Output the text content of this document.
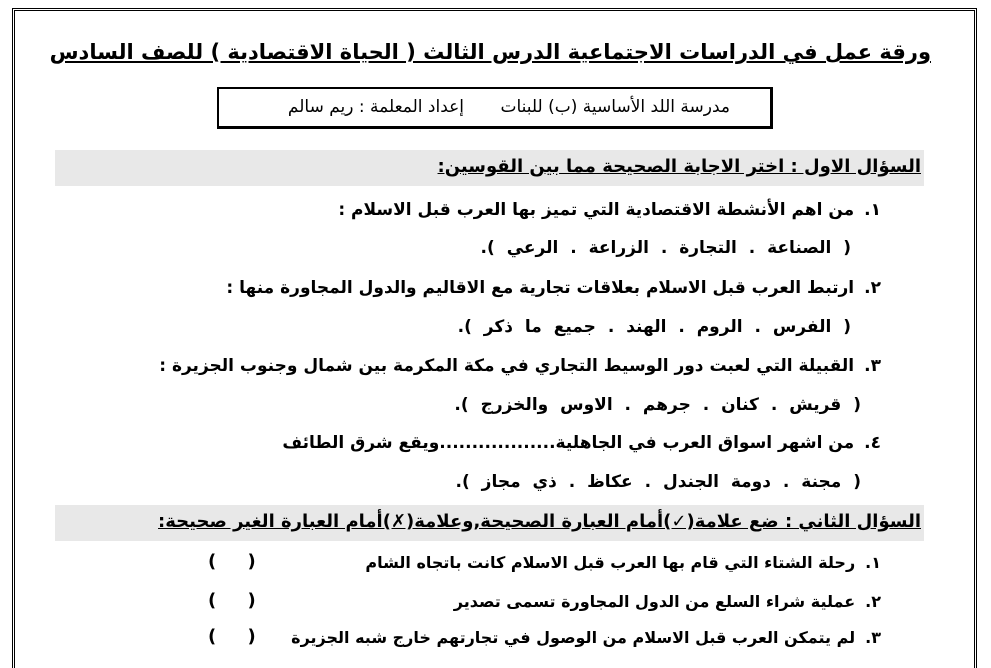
ورقة عمل في الدراسات الاجتماعية الدرس الثالث ( الحياة الاقتصادية ) للصف السادس
مدرسة اللد الأساسية (ب) للبنات
إعداد المعلمة : ريم سالم
السؤال الاول : اختر الاجابة الصحيحة مما بين القوسين:
١.من اهم الأنشطة الاقتصادية التي تميز بها العرب قبل الاسلام :
( الصناعة . التجارة . الزراعة . الرعي ).
٢.ارتبط العرب قبل الاسلام بعلاقات تجارية مع الاقاليم والدول المجاورة منها :
( الفرس . الروم . الهند . جميع ما ذكر ).
٣.القبيلة التي لعبت دور الوسيط التجاري في مكة المكرمة بين شمال وجنوب الجزيرة :
( قريش . كنان . جرهم . الاوس والخزرج ).
٤.من اشهر اسواق العرب في الجاهلية..................ويقع شرق الطائف
( مجنة . دومة الجندل . عكاظ . ذي مجاز ).
السؤال الثاني : ضع علامة(✓)أمام العبارة الصحيحة,وعلامة(✗)أمام العبارة الغير صحيحة:
١.رحلة الشتاء التي قام بها العرب قبل الاسلام كانت باتجاه الشام
(     )
٢.عملية شراء السلع من الدول المجاورة تسمى تصدير
(     )
٣.لم يتمكن العرب قبل الاسلام من الوصول في تجارتهم خارج شبه الجزيرة
(     )
